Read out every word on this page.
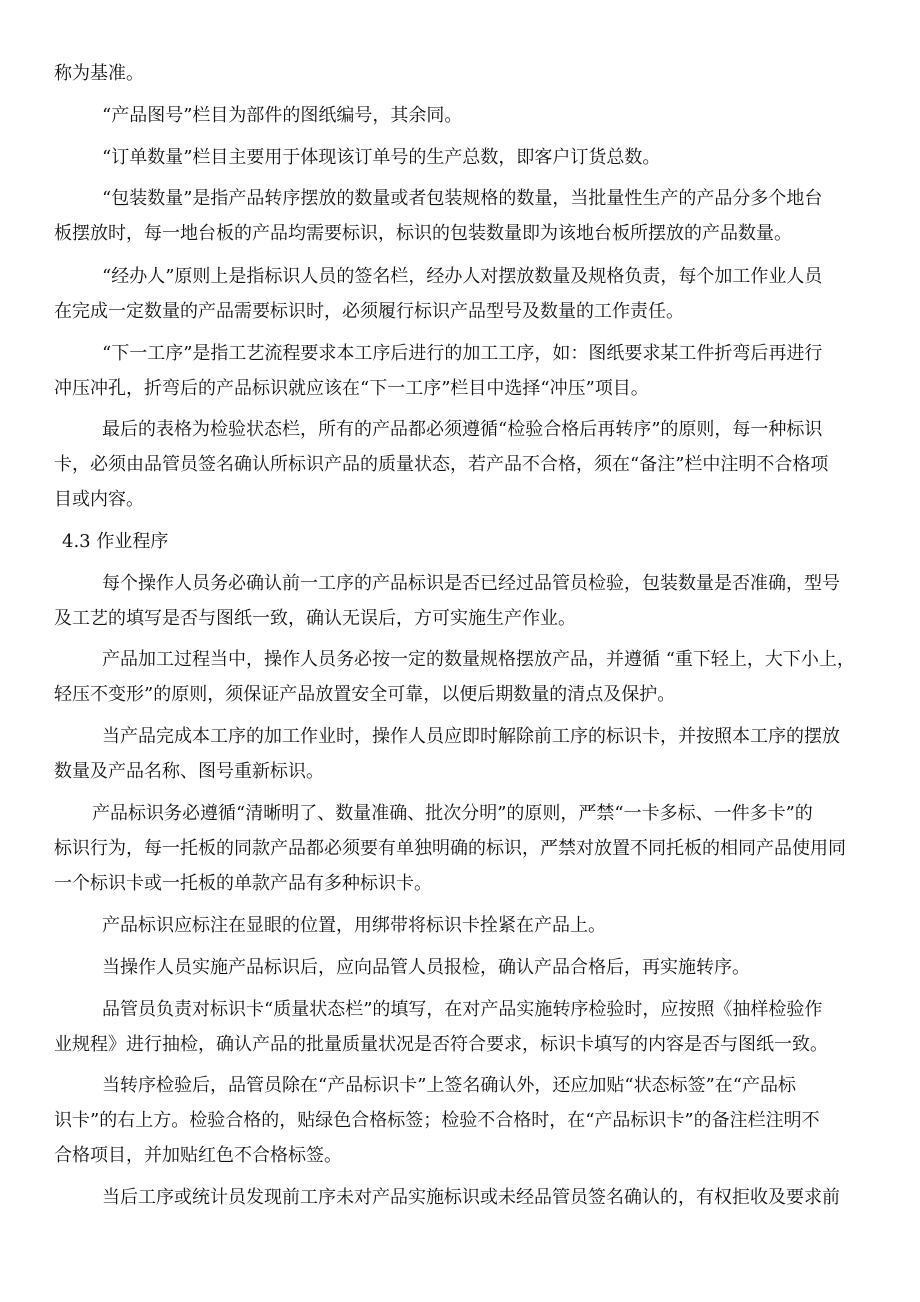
称为基准。
“产品图号”栏目为部件的图纸编号，其余同。
“订单数量”栏目主要用于体现该订单号的生产总数，即客户订货总数。
“包装数量”是指产品转序摆放的数量或者包装规格的数量，当批量性生产的产品分多个地台
板摆放时，每一地台板的产品均需要标识，标识的包装数量即为该地台板所摆放的产品数量。
“经办人”原则上是指标识人员的签名栏，经办人对摆放数量及规格负责，每个加工作业人员
在完成一定数量的产品需要标识时，必须履行标识产品型号及数量的工作责任。
“下一工序”是指工艺流程要求本工序后进行的加工工序，如：图纸要求某工件折弯后再进行
冲压冲孔，折弯后的产品标识就应该在“下一工序”栏目中选择“冲压”项目。
最后的表格为检验状态栏，所有的产品都必须遵循“检验合格后再转序”的原则，每一种标识
卡，必须由品管员签名确认所标识产品的质量状态，若产品不合格，须在“备注”栏中注明不合格项
目或内容。
4.3 作业程序
每个操作人员务必确认前一工序的产品标识是否已经过品管员检验，包装数量是否准确，型号
及工艺的填写是否与图纸一致，确认无误后，方可实施生产作业。
产品加工过程当中，操作人员务必按一定的数量规格摆放产品，并遵循 “重下轻上，大下小上，
轻压不变形”的原则，须保证产品放置安全可靠，以便后期数量的清点及保护。
当产品完成本工序的加工作业时，操作人员应即时解除前工序的标识卡，并按照本工序的摆放
数量及产品名称、图号重新标识。
产品标识务必遵循“清晰明了、数量准确、批次分明”的原则，严禁“一卡多标、一件多卡”的
标识行为，每一托板的同款产品都必须要有单独明确的标识，严禁对放置不同托板的相同产品使用同
一个标识卡或一托板的单款产品有多种标识卡。
产品标识应标注在显眼的位置，用绑带将标识卡拴紧在产品上。
当操作人员实施产品标识后，应向品管人员报检，确认产品合格后，再实施转序。
品管员负责对标识卡“质量状态栏”的填写，在对产品实施转序检验时，应按照《抽样检验作
业规程》进行抽检，确认产品的批量质量状况是否符合要求，标识卡填写的内容是否与图纸一致。
当转序检验后，品管员除在“产品标识卡”上签名确认外，还应加贴“状态标签”在“产品标
识卡”的右上方。检验合格的，贴绿色合格标签；检验不合格时，在“产品标识卡”的备注栏注明不
合格项目，并加贴红色不合格标签。
当后工序或统计员发现前工序未对产品实施标识或未经品管员签名确认的，有权拒收及要求前
